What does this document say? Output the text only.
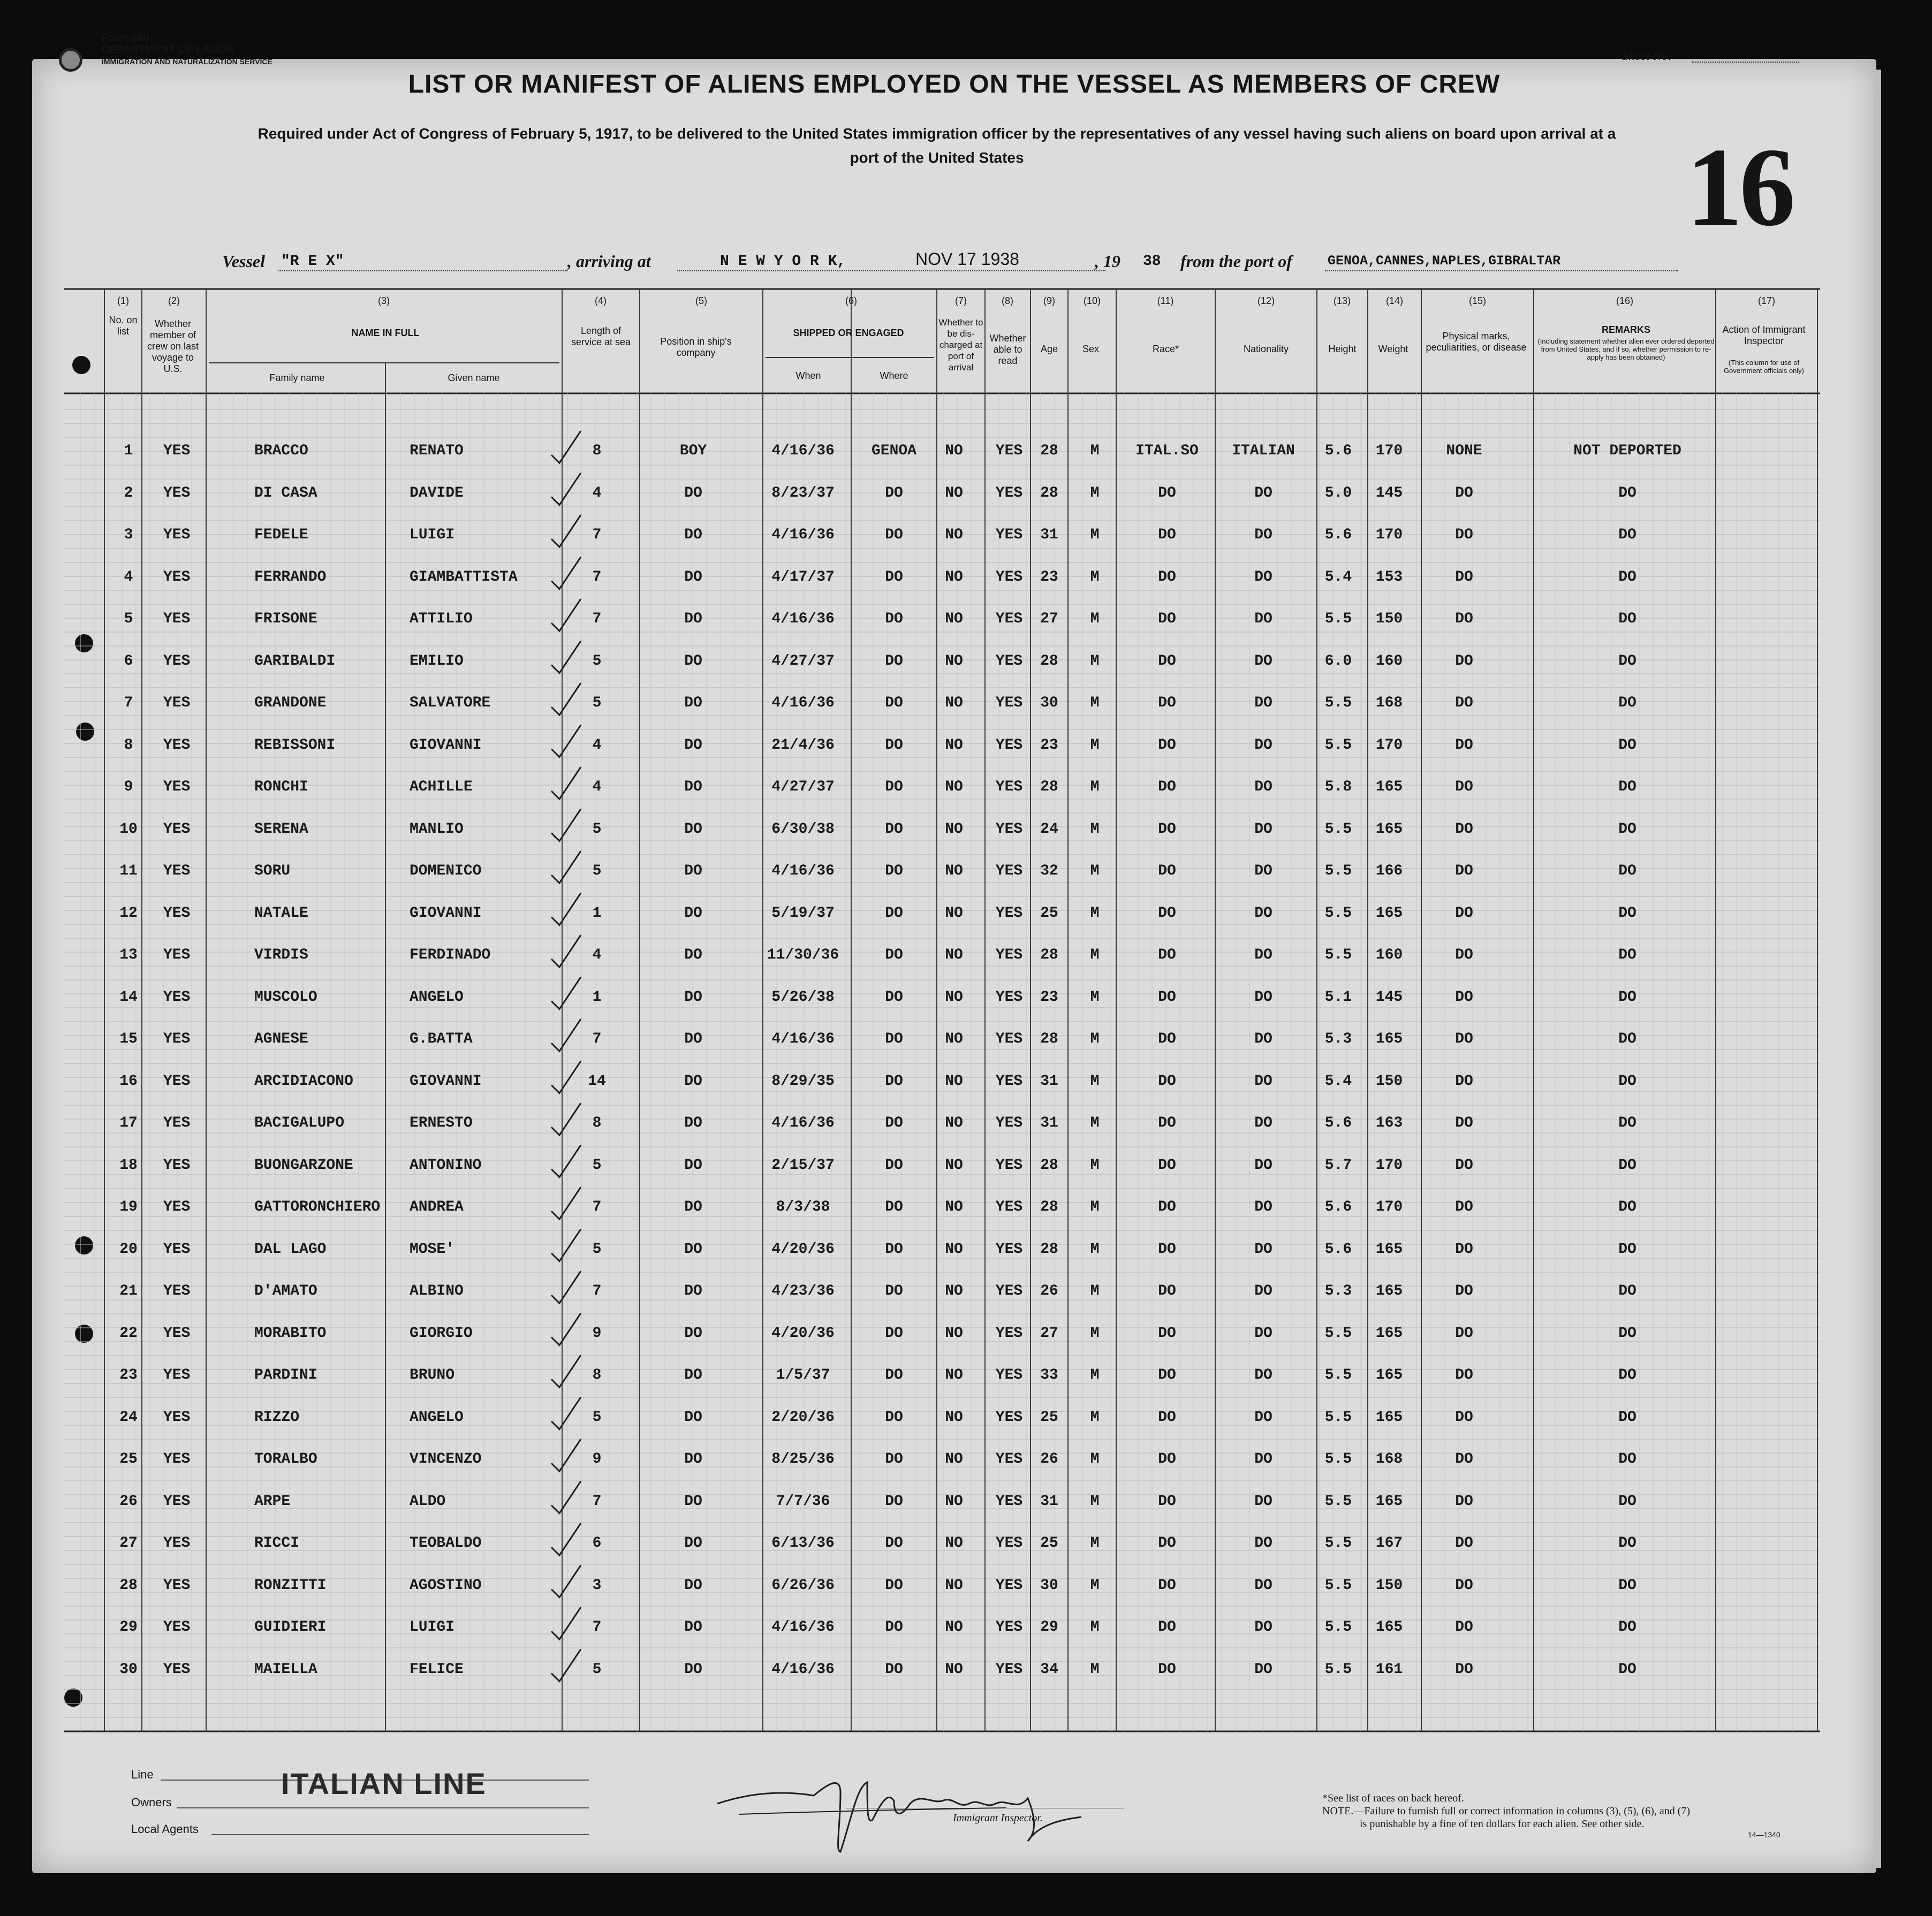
Form 680
DEPARTMENT OF LABOR
IMMIGRATION AND NATURALIZATION SERVICE	Sheet No.
LIST OR MANIFEST OF ALIENS EMPLOYED ON THE VESSEL AS MEMBERS OF CREW
Required under Act of Congress of February 5, 1917, to be delivered to the United States immigration officer by the representatives of any vessel having such aliens on board upon arrival at a
port of the United States	16
Vessel "R E X"	, arriving at	N E W Y O R K,	NOV 17 1938	, 19 38 from the port of	GENOA,CANNES,NAPLES,GIBRALTAR
(1)	(2)	(3)	(4)	(5)	(6)	(7)	(8)	(9)	(10)	(11)	(12)	(13)	(14)	(15)	(16)	(17)
No. on list
Whether member of crew on last voyage to U.S.
NAME IN FULL
Family name	Given name
Length of service at sea	Position in ship's company
SHIPPED OR ENGAGED
When	Where
Whether to be dis-charged at port of arrival
Whether able to read
Age	Sex	Race*	Nationality	Height	Weight
Physical marks, peculiarities, or disease
REMARKS
(Including statement whether alien ever ordered deported from United States, and if so, whether permission to re-apply has been obtained)
Action of Immigrant Inspector
(This column for use of Government officials only)
1 YES	BRACCO	RENATO	8	BOY	4/16/36 GENOA NO YES 28 M ITAL.SO ITALIAN 5.6 170	NONE	NOT DEPORTED
2 YES	DI CASA	DAVIDE	4	DO	8/23/37	DO	NO YES 28 M	DO	DO	5.0 145	DO	DO
3 YES	FEDELE	LUIGI	7	DO	4/16/36	DO	NO YES 31 M	DO	DO	5.6 170	DO	DO
4 YES	FERRANDO	GIAMBATTISTA	7	DO	4/17/37	DO	NO YES 23 M	DO	DO	5.4 153	DO	DO
5 YES	FRISONE	ATTILIO	7	DO	4/16/36	DO	NO YES 27 M	DO	DO	5.5 150	DO	DO
6 YES	GARIBALDI	EMILIO	5	DO	4/27/37	DO	NO YES 28 M	DO	DO	6.0 160	DO	DO
7 YES	GRANDONE	SALVATORE	5	DO	4/16/36	DO	NO YES 30 M	DO	DO	5.5 168	DO	DO
8 YES	REBISSONI	GIOVANNI	4	DO	21/4/36	DO	NO YES 23 M	DO	DO	5.5 170	DO	DO
9 YES	RONCHI	ACHILLE	4	DO	4/27/37	DO	NO YES 28 M	DO	DO	5.8 165	DO	DO
10 YES	SERENA	MANLIO	5	DO	6/30/38	DO	NO YES 24 M	DO	DO	5.5 165	DO	DO
11 YES	SORU	DOMENICO	5	DO	4/16/36	DO	NO YES 32 M	DO	DO	5.5 166	DO	DO
12 YES	NATALE	GIOVANNI	1	DO	5/19/37	DO	NO YES 25 M	DO	DO	5.5 165	DO	DO
13 YES	VIRDIS	FERDINADO	4	DO	11/30/36	DO	NO YES 28 M	DO	DO	5.5 160	DO	DO
14 YES	MUSCOLO	ANGELO	1	DO	5/26/38	DO	NO YES 23 M	DO	DO	5.1 145	DO	DO
15 YES	AGNESE	G.BATTA	7	DO	4/16/36	DO	NO YES 28 M	DO	DO	5.3 165	DO	DO
16 YES	ARCIDIACONO	GIOVANNI	14	DO	8/29/35	DO	NO YES 31 M	DO	DO	5.4 150	DO	DO
17 YES	BACIGALUPO	ERNESTO	8	DO	4/16/36	DO	NO YES 31 M	DO	DO	5.6 163	DO	DO
18 YES	BUONGARZONE	ANTONINO	5	DO	2/15/37	DO	NO YES 28 M	DO	DO	5.7 170	DO	DO
19 YES	GATTORONCHIERO ANDREA	7	DO	8/3/38	DO	NO YES 28 M	DO	DO	5.6 170	DO	DO
20 YES	DAL LAGO	MOSE'	5	DO	4/20/36	DO	NO YES 28 M	DO	DO	5.6 165	DO	DO
21 YES	D'AMATO	ALBINO	7	DO	4/23/36	DO	NO YES 26 M	DO	DO	5.3 165	DO	DO
22 YES	MORABITO	GIORGIO	9	DO	4/20/36	DO	NO YES 27 M	DO	DO	5.5 165	DO	DO
23 YES	PARDINI	BRUNO	8	DO	1/5/37	DO	NO YES 33 M	DO	DO	5.5 165	DO	DO
24 YES	RIZZO	ANGELO	5	DO	2/20/36	DO	NO YES 25 M	DO	DO	5.5 165	DO	DO
25 YES	TORALBO	VINCENZO	9	DO	8/25/36	DO	NO YES 26 M	DO	DO	5.5 168	DO	DO
26 YES	ARPE	ALDO	7	DO	7/7/36	DO	NO YES 31 M	DO	DO	5.5 165	DO	DO
27 YES	RICCI	TEOBALDO	6	DO	6/13/36	DO	NO YES 25 M	DO	DO	5.5 167	DO	DO
28 YES	RONZITTI	AGOSTINO	3	DO	6/26/36	DO	NO YES 30 M	DO	DO	5.5 150	DO	DO
29 YES	GUIDIERI	LUIGI	7	DO	4/16/36	DO	NO YES 29 M	DO	DO	5.5 165	DO	DO
30 YES	MAIELLA	FELICE	5	DO	4/16/36	DO	NO YES 34 M	DO	DO	5.5 161	DO	DO
Line
Owners
Local Agents
ITALIAN LINE
Immigrant Inspector.
*See list of races on back hereof.
NOTE.—Failure to furnish full or correct information in columns (3), (5), (6), and (7)
is punishable by a fine of ten dollars for each alien. See other side.
14—1340
